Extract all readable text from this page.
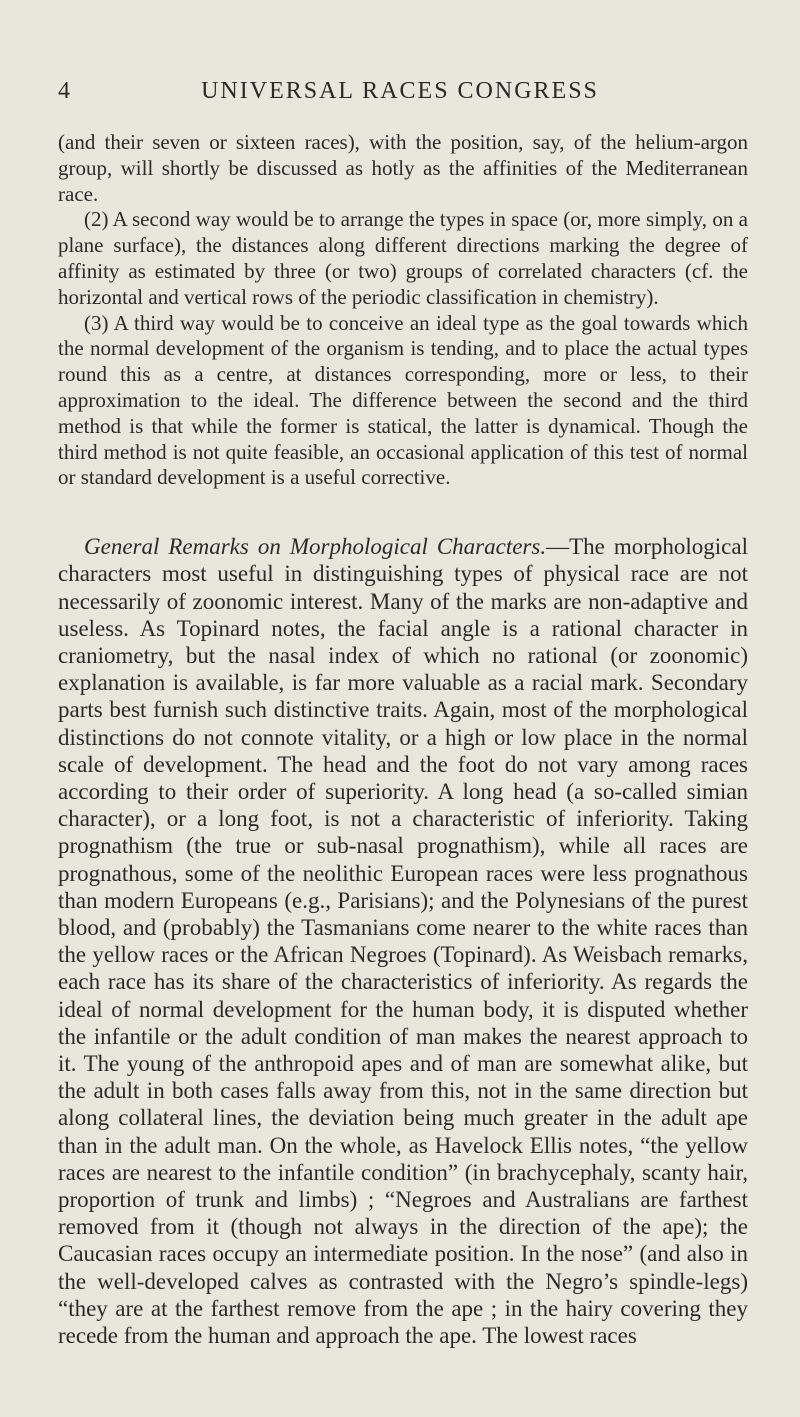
4	UNIVERSAL RACES CONGRESS

(and their seven or sixteen races), with the position, say, of the helium-argon group, will shortly be discussed as hotly as the affinities of the Mediterranean race.

(2) A second way would be to arrange the types in space (or, more simply, on a plane surface), the distances along different directions marking the degree of affinity as estimated by three (or two) groups of correlated characters (cf. the horizontal and vertical rows of the periodic classification in chemistry).

(3) A third way would be to conceive an ideal type as the goal towards which the normal development of the organism is tending, and to place the actual types round this as a centre, at distances corresponding, more or less, to their approximation to the ideal. The difference between the second and the third method is that while the former is statical, the latter is dynamical. Though the third method is not quite feasible, an occasional application of this test of normal or standard development is a useful corrective.

General Remarks on Morphological Characters.—The morphological characters most useful in distinguishing types of physical race are not necessarily of zoonomic interest. Many of the marks are non-adaptive and useless. As Topinard notes, the facial angle is a rational character in craniometry, but the nasal index of which no rational (or zoonomic) explanation is available, is far more valuable as a racial mark. Secondary parts best furnish such distinctive traits. Again, most of the morphological distinctions do not connote vitality, or a high or low place in the normal scale of development. The head and the foot do not vary among races according to their order of superiority. A long head (a so-called simian character), or a long foot, is not a characteristic of inferiority. Taking prognathism (the true or sub-nasal prognathism), while all races are prognathous, some of the neolithic European races were less prognathous than modern Europeans (e.g., Parisians); and the Polynesians of the purest blood, and (probably) the Tasmanians come nearer to the white races than the yellow races or the African Negroes (Topinard). As Weisbach remarks, each race has its share of the characteristics of inferiority. As regards the ideal of normal development for the human body, it is disputed whether the infantile or the adult condition of man makes the nearest approach to it. The young of the anthropoid apes and of man are somewhat alike, but the adult in both cases falls away from this, not in the same direction but along collateral lines, the deviation being much greater in the adult ape than in the adult man. On the whole, as Havelock Ellis notes, “the yellow races are nearest to the infantile condition” (in brachycephaly, scanty hair, proportion of trunk and limbs) ; “Negroes and Australians are farthest removed from it (though not always in the direction of the ape); the Caucasian races occupy an intermediate position. In the nose” (and also in the well-developed calves as contrasted with the Negro’s spindle-legs) “they are at the farthest remove from the ape ; in the hairy covering they recede from the human and approach the ape. The lowest races
